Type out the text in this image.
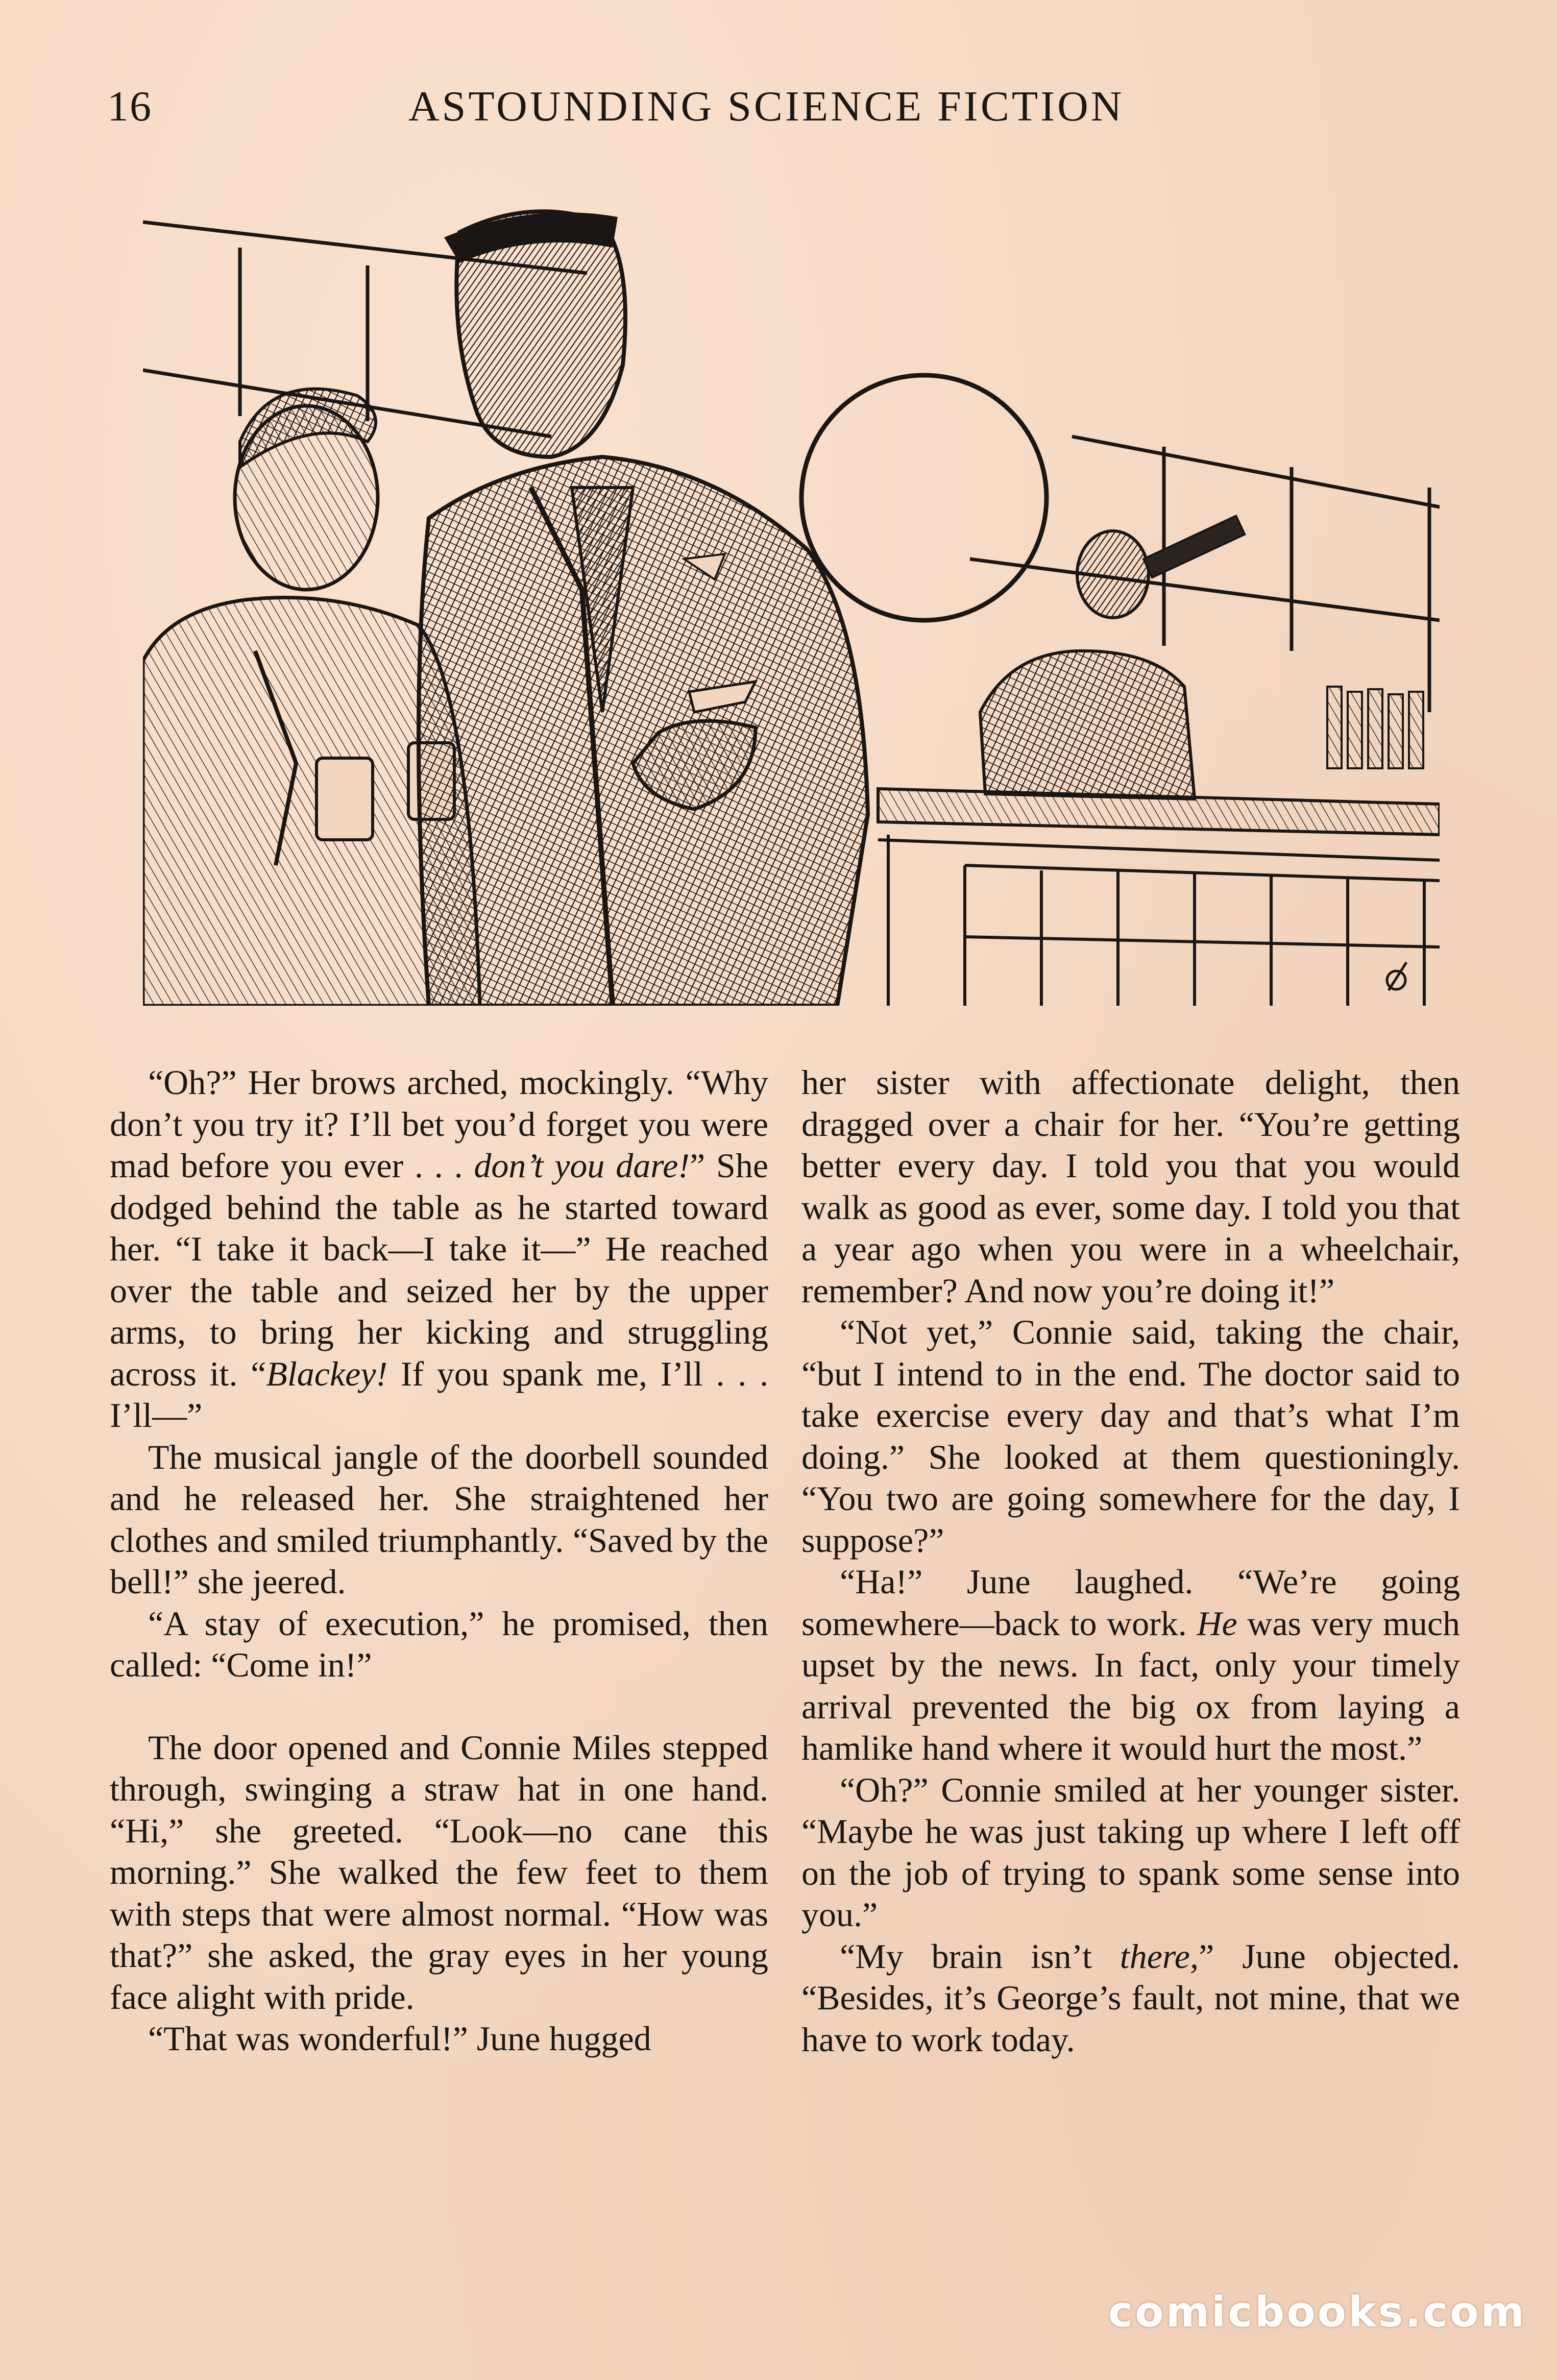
16	ASTOUNDING SCIENCE FICTION

“Oh?” Her brows arched, mockingly. “Why don’t you try it? I’ll bet you’d forget you were mad before you ever . . . don’t you dare!” She dodged behind the table as he started toward her. “I take it back—I take it—” He reached over the table and seized her by the upper arms, to bring her kicking and struggling across it. “Blackey! If you spank me, I’ll . . . I’ll—”

The musical jangle of the doorbell sounded and he released her. She straightened her clothes and smiled triumphantly. “Saved by the bell!” she jeered.

“A stay of execution,” he promised, then called: “Come in!”

The door opened and Connie Miles stepped through, swinging a straw hat in one hand. “Hi,” she greeted. “Look—no cane this morning.” She walked the few feet to them with steps that were almost normal. “How was that?” she asked, the gray eyes in her young face alight with pride.

“That was wonderful!” June hugged

her sister with affectionate delight, then dragged over a chair for her. “You’re getting better every day. I told you that you would walk as good as ever, some day. I told you that a year ago when you were in a wheelchair, remember? And now you’re doing it!”

“Not yet,” Connie said, taking the chair, “but I intend to in the end. The doctor said to take exercise every day and that’s what I’m doing.” She looked at them questioningly. “You two are going somewhere for the day, I suppose?”

“Ha!” June laughed. “We’re going somewhere—back to work. He was very much upset by the news. In fact, only your timely arrival prevented the big ox from laying a hamlike hand where it would hurt the most.”

“Oh?” Connie smiled at her younger sister. “Maybe he was just taking up where I left off on the job of trying to spank some sense into you.”

“My brain isn’t there,” June objected. “Besides, it’s George’s fault, not mine, that we have to work today.

comicbooks.com
